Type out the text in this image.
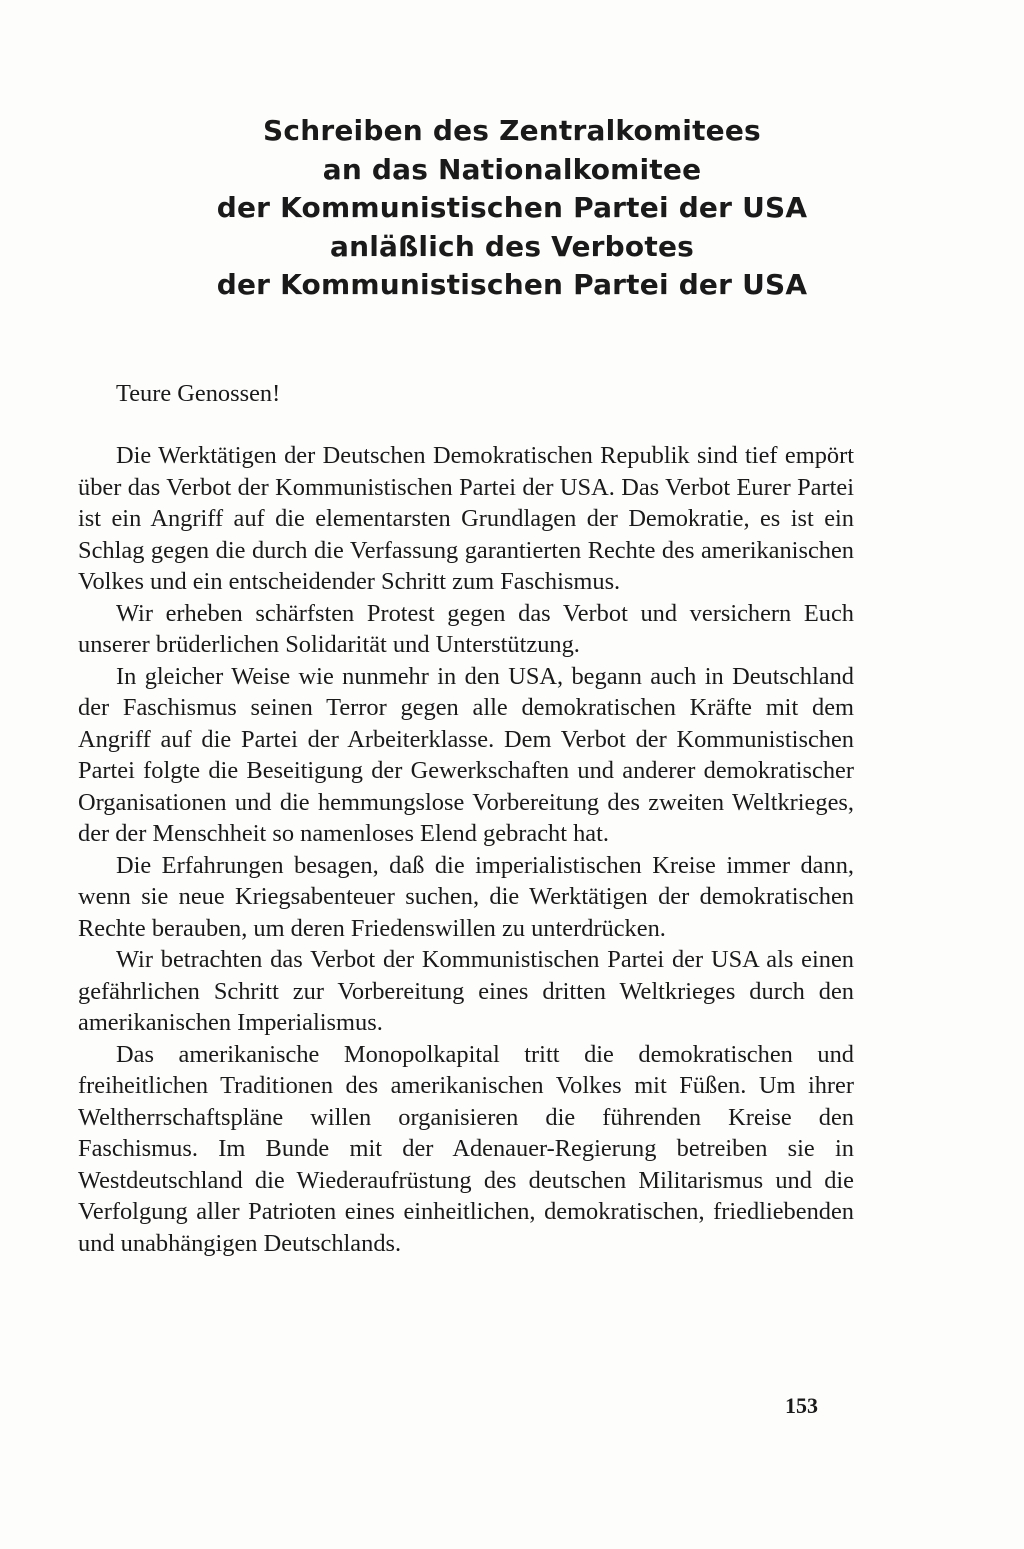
Schreiben des Zentralkomitees
an das Nationalkomitee
der Kommunistischen Partei der USA
anläßlich des Verbotes
der Kommunistischen Partei der USA
Teure Genossen!

Die Werktätigen der Deutschen Demokratischen Republik sind tief empört über das Verbot der Kommunistischen Partei der USA. Das Verbot Eurer Partei ist ein Angriff auf die elementarsten Grundlagen der Demokratie, es ist ein Schlag gegen die durch die Verfassung garantierten Rechte des amerikanischen Volkes und ein entscheidender Schritt zum Faschismus.

Wir erheben schärfsten Protest gegen das Verbot und versichern Euch unserer brüderlichen Solidarität und Unterstützung.

In gleicher Weise wie nunmehr in den USA, begann auch in Deutschland der Faschismus seinen Terror gegen alle demokratischen Kräfte mit dem Angriff auf die Partei der Arbeiterklasse. Dem Verbot der Kommunistischen Partei folgte die Beseitigung der Gewerkschaften und anderer demokratischer Organisationen und die hemmungslose Vorbereitung des zweiten Weltkrieges, der der Menschheit so namenloses Elend gebracht hat.

Die Erfahrungen besagen, daß die imperialistischen Kreise immer dann, wenn sie neue Kriegsabenteuer suchen, die Werktätigen der demokratischen Rechte berauben, um deren Friedenswillen zu unterdrücken.

Wir betrachten das Verbot der Kommunistischen Partei der USA als einen gefährlichen Schritt zur Vorbereitung eines dritten Weltkrieges durch den amerikanischen Imperialismus.

Das amerikanische Monopolkapital tritt die demokratischen und freiheitlichen Traditionen des amerikanischen Volkes mit Füßen. Um ihrer Weltherrschaftspläne willen organisieren die führenden Kreise den Faschismus. Im Bunde mit der Adenauer-Regierung betreiben sie in Westdeutschland die Wiederaufrüstung des deutschen Militarismus und die Verfolgung aller Patrioten eines einheitlichen, demokratischen, friedliebenden und unabhängigen Deutschlands.

153
